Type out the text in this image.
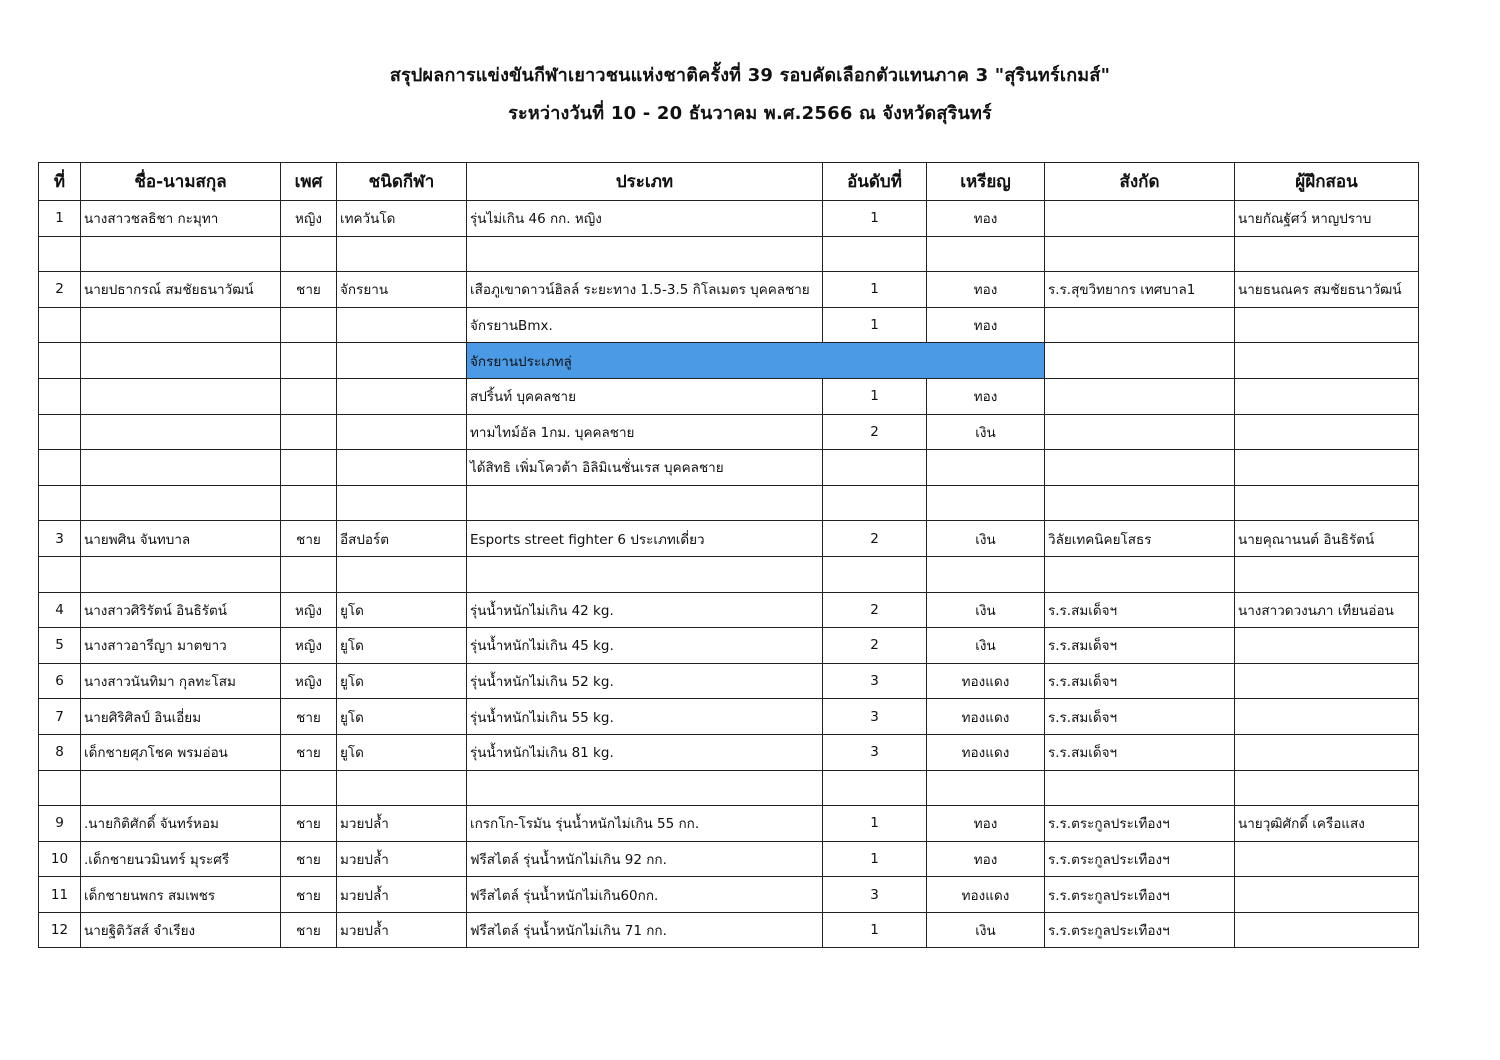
สรุปผลการแข่งขันกีฬาเยาวชนแห่งชาติครั้งที่ 39 รอบคัดเลือกตัวแทนภาค 3 "สุรินทร์เกมส์"
ระหว่างวันที่ 10 - 20 ธันวาคม พ.ศ.2566 ณ จังหวัดสุรินทร์
ที่	ชื่อ-นามสกุล	เพศ	ชนิดกีฬา	ประเภท	อันดับที่	เหรียญ	สังกัด	ผู้ฝึกสอน
1	นางสาวชลธิชา กะมุทา	หญิง	เทควันโด	รุ่นไม่เกิน 46 กก. หญิง	1	ทอง		นายกัณฐัศว์ หาญปราบ

2	นายปธากรณ์ สมชัยธนาวัฒน์	ชาย	จักรยาน	เสือภูเขาดาวน์ฮิลล์ ระยะทาง 1.5-3.5 กิโลเมตร บุคคลชาย	1	ทอง	ร.ร.สุขวิทยากร เทศบาล1	นายธนณคร สมชัยธนาวัฒน์
				จักรยานBmx.	1	ทอง		
				จักรยานประเภทลู่				
				สปริ้นท์ บุคคลชาย	1	ทอง		
				ทามไทม์อัล 1กม. บุคคลชาย	2	เงิน		
				ได้สิทธิ เพิ่มโควต้า อิลิมิเนชั่นเรส บุคคลชาย				

3	นายพศิน จันทบาล	ชาย	อีสปอร์ต	Esports street fighter 6 ประเภทเดี่ยว	2	เงิน	วิลัยเทคนิคยโสธร	นายคุณานนต์ อินธิรัตน์

4	นางสาวศิริรัตน์ อินธิรัตน์	หญิง	ยูโด	รุ่นน้ำหนักไม่เกิน 42 kg.	2	เงิน	ร.ร.สมเด็จฯ	นางสาวดวงนภา เทียนอ่อน
5	นางสาวอารีญา มาตขาว	หญิง	ยูโด	รุ่นน้ำหนักไม่เกิน 45 kg.	2	เงิน	ร.ร.สมเด็จฯ	
6	นางสาวนันทิมา กุลทะโสม	หญิง	ยูโด	รุ่นน้ำหนักไม่เกิน 52 kg.	3	ทองแดง	ร.ร.สมเด็จฯ	
7	นายศิริศิลป์ อินเอี่ยม	ชาย	ยูโด	รุ่นน้ำหนักไม่เกิน 55 kg.	3	ทองแดง	ร.ร.สมเด็จฯ	
8	เด็กชายศุภโชค พรมอ่อน	ชาย	ยูโด	รุ่นน้ำหนักไม่เกิน 81 kg.	3	ทองแดง	ร.ร.สมเด็จฯ	

9	.นายกิติศักดิ์ จันทร์หอม	ชาย	มวยปล้ำ	เกรกโก-โรมัน รุ่นน้ำหนักไม่เกิน 55 กก.	1	ทอง	ร.ร.ตระกูลประเทืองฯ	นายวุฒิศักดิ์ เครือแสง
10	.เด็กชายนวมินทร์ มุระศรี	ชาย	มวยปล้ำ	ฟรีสไตล์ รุ่นน้ำหนักไม่เกิน 92 กก.	1	ทอง	ร.ร.ตระกูลประเทืองฯ	
11	เด็กชายนพกร สมเพชร	ชาย	มวยปล้ำ	ฟรีสไตล์ รุ่นน้ำหนักไม่เกิน60กก.	3	ทองแดง	ร.ร.ตระกูลประเทืองฯ	
12	นายฐิติวัสส์ จำเรียง	ชาย	มวยปล้ำ	ฟรีสไตล์ รุ่นน้ำหนักไม่เกิน 71 กก.	1	เงิน	ร.ร.ตระกูลประเทืองฯ	
